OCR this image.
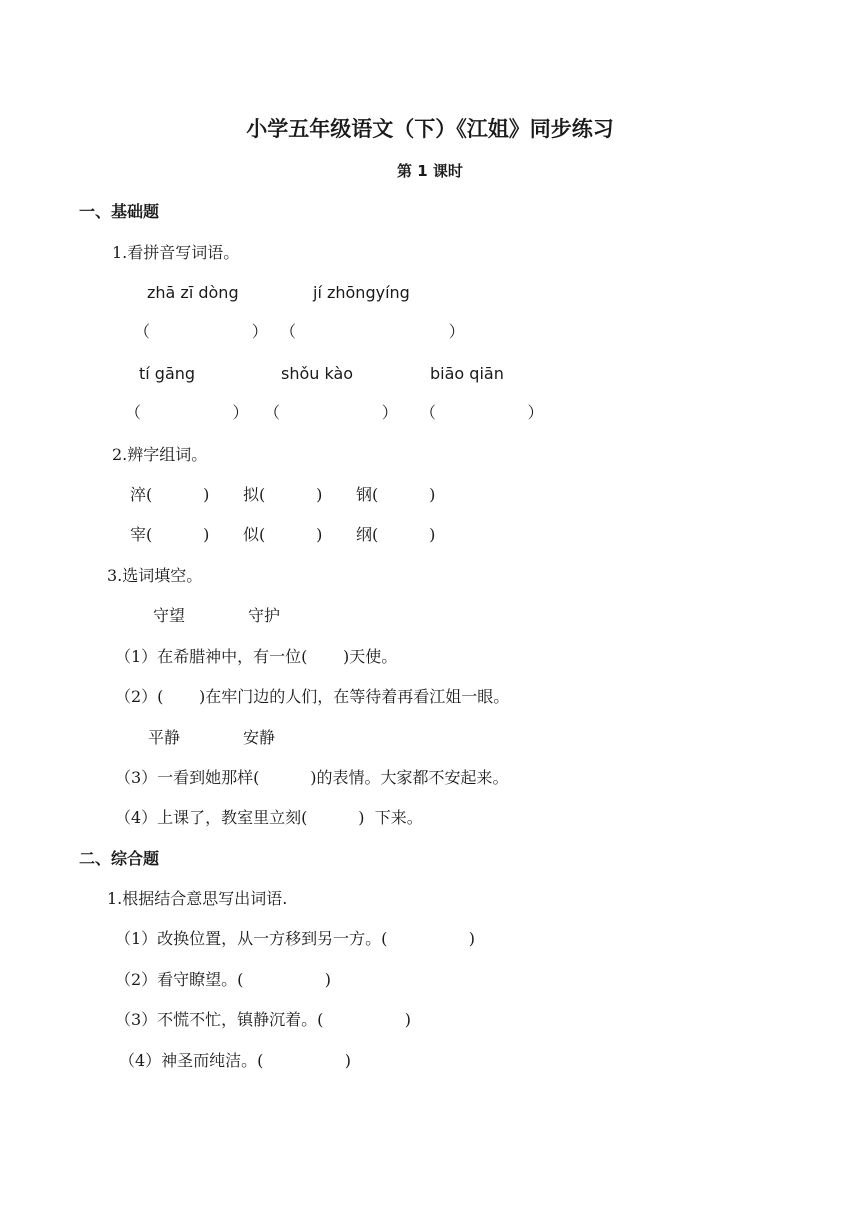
小学五年级语文（下）《江姐》同步练习
第 1 课时
一、基础题
1.看拼音写词语。
zhā zī dòng	jí zhōngyíng
（                    ） （                              ）
tí gāng	shǒu kào	biāo qiān
（                  ） （                    ） （                  ）
2.辨字组词。
淬(          ) 拟(          ) 钢(          )
宰(          ) 似(          ) 纲(          )
3.选词填空。
守望	守护
（1）在希腊神中，有一位(       )天使。
（2）(       )在牢门边的人们，在等待着再看江姐一眼。
平静	安静
（3）一看到她那样(          )的表情。大家都不安起来。
（4）上课了，教室里立刻(          )  下来。
二、综合题
1.根据结合意思写出词语.
（1）改换位置，从一方移到另一方。(                )
（2）看守瞭望。(                )
（3）不慌不忙，镇静沉着。(                )
（4）神圣而纯洁。(                )
